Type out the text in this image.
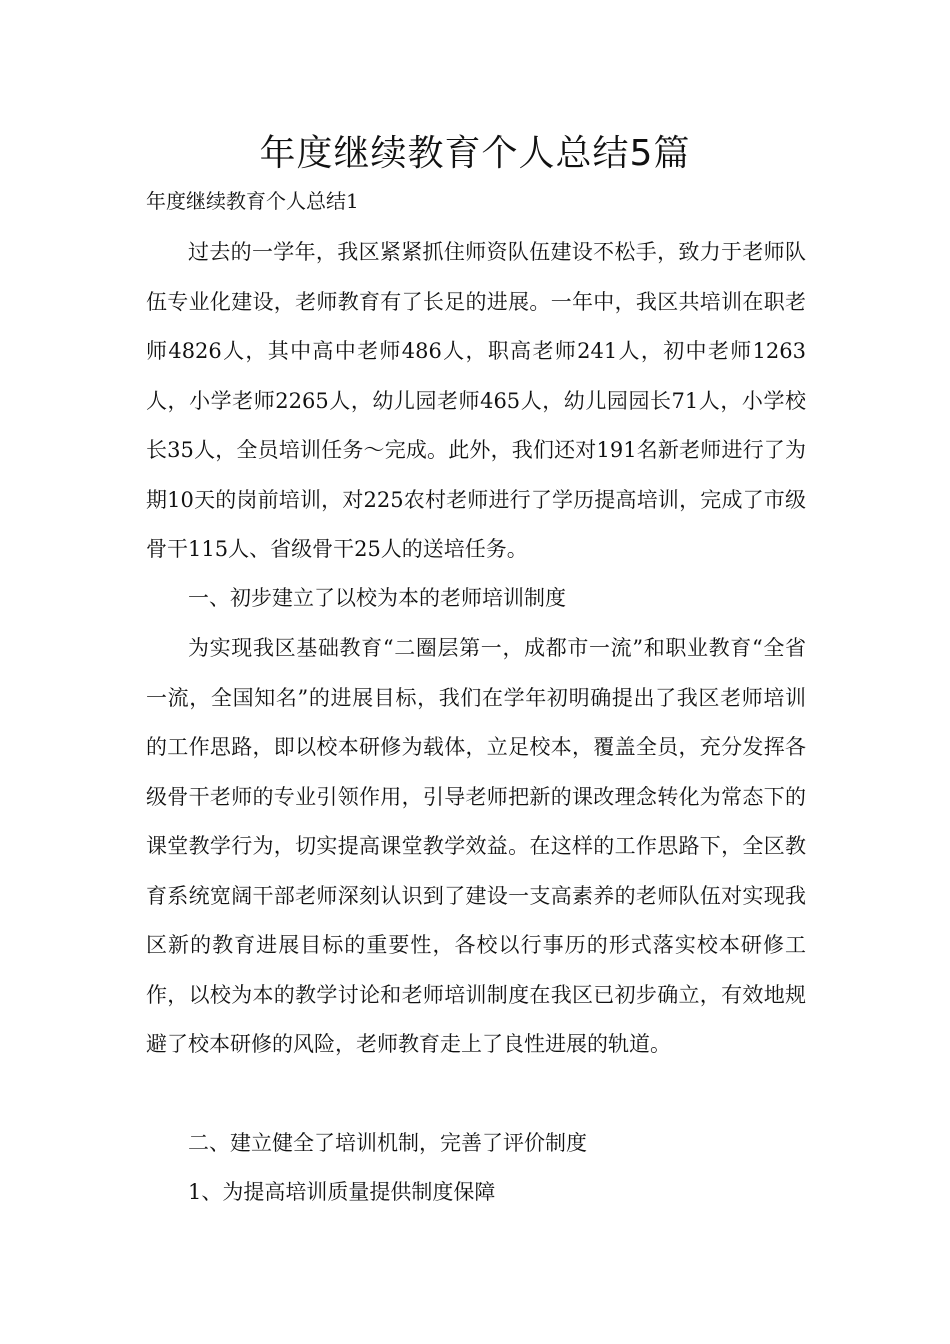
年度继续教育个人总结5篇

年度继续教育个人总结1

过去的一学年，我区紧紧抓住师资队伍建设不松手，致力于老师队伍专业化建设，老师教育有了长足的进展。一年中，我区共培训在职老师4826人，其中高中老师486人，职高老师241人，初中老师1263人，小学老师2265人，幼儿园老师465人，幼儿园园长71人，小学校长35人，全员培训任务～完成。此外，我们还对191名新老师进行了为期10天的岗前培训，对225农村老师进行了学历提高培训，完成了市级骨干115人、省级骨干25人的送培任务。

一、初步建立了以校为本的老师培训制度

为实现我区基础教育“二圈层第一，成都市一流”和职业教育“全省一流，全国知名”的进展目标，我们在学年初明确提出了我区老师培训的工作思路，即以校本研修为载体，立足校本，覆盖全员，充分发挥各级骨干老师的专业引领作用，引导老师把新的课改理念转化为常态下的课堂教学行为，切实提高课堂教学效益。在这样的工作思路下，全区教育系统宽阔干部老师深刻认识到了建设一支高素养的老师队伍对实现我区新的教育进展目标的重要性，各校以行事历的形式落实校本研修工作，以校为本的教学讨论和老师培训制度在我区已初步确立，有效地规避了校本研修的风险，老师教育走上了良性进展的轨道。

二、建立健全了培训机制，完善了评价制度

1、为提高培训质量提供制度保障
